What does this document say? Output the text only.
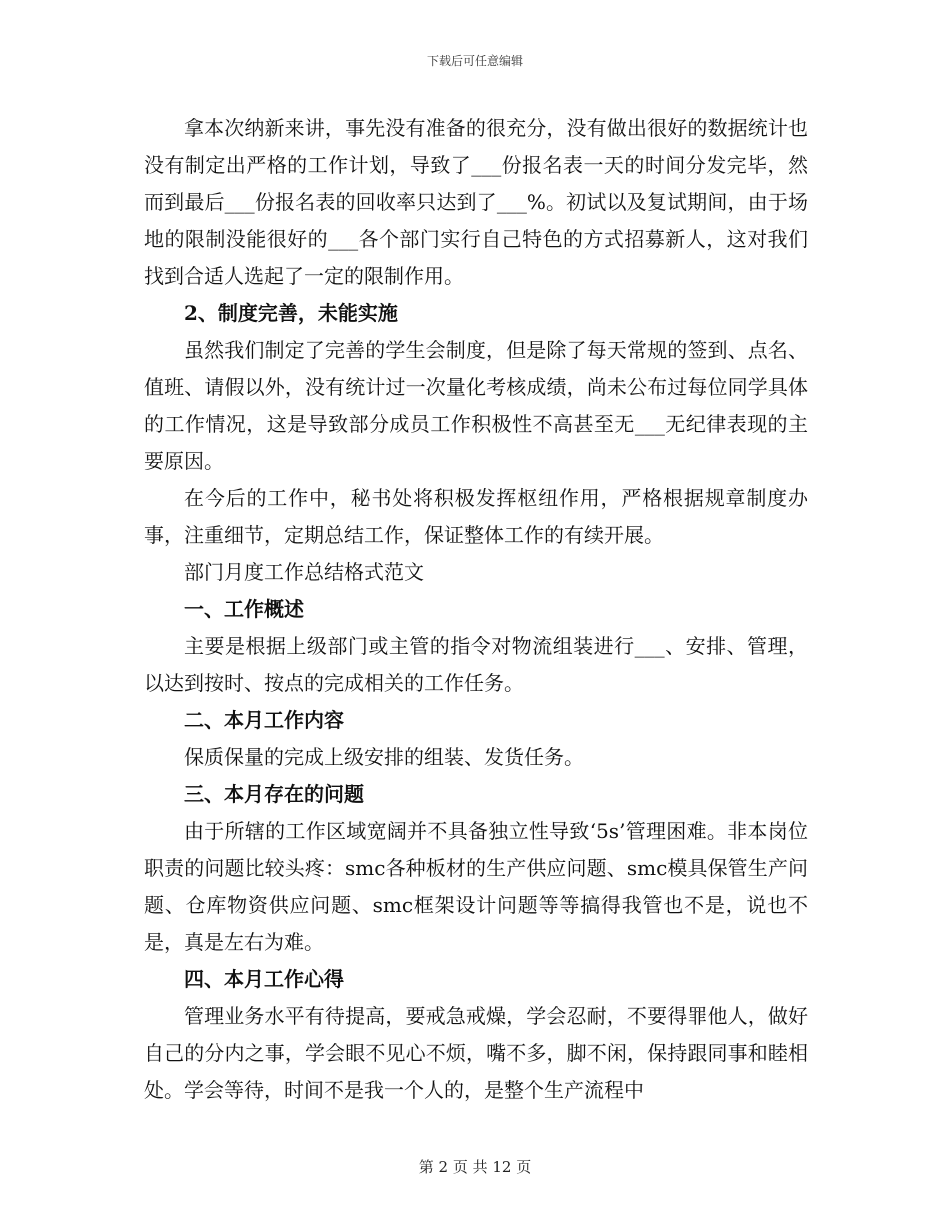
下载后可任意编辑

拿本次纳新来讲，事先没有准备的很充分，没有做出很好的数据统计也没有制定出严格的工作计划，导致了___份报名表一天的时间分发完毕，然而到最后___份报名表的回收率只达到了___%。初试以及复试期间，由于场地的限制没能很好的___各个部门实行自己特色的方式招募新人，这对我们找到合适人选起了一定的限制作用。

2、制度完善，未能实施

虽然我们制定了完善的学生会制度，但是除了每天常规的签到、点名、值班、请假以外，没有统计过一次量化考核成绩，尚未公布过每位同学具体的工作情况，这是导致部分成员工作积极性不高甚至无___无纪律表现的主要原因。

在今后的工作中，秘书处将积极发挥枢纽作用，严格根据规章制度办事，注重细节，定期总结工作，保证整体工作的有续开展。

部门月度工作总结格式范文

一、工作概述

主要是根据上级部门或主管的指令对物流组装进行___、安排、管理，以达到按时、按点的完成相关的工作任务。

二、本月工作内容

保质保量的完成上级安排的组装、发货任务。

三、本月存在的问题

由于所辖的工作区域宽阔并不具备独立性导致‘5s’管理困难。非本岗位职责的问题比较头疼：smc各种板材的生产供应问题、smc模具保管生产问题、仓库物资供应问题、smc框架设计问题等等搞得我管也不是，说也不是，真是左右为难。

四、本月工作心得

管理业务水平有待提高，要戒急戒燥，学会忍耐，不要得罪他人，做好自己的分内之事，学会眼不见心不烦，嘴不多，脚不闲，保持跟同事和睦相处。学会等待，时间不是我一个人的，是整个生产流程中

第 2 页 共 12 页
